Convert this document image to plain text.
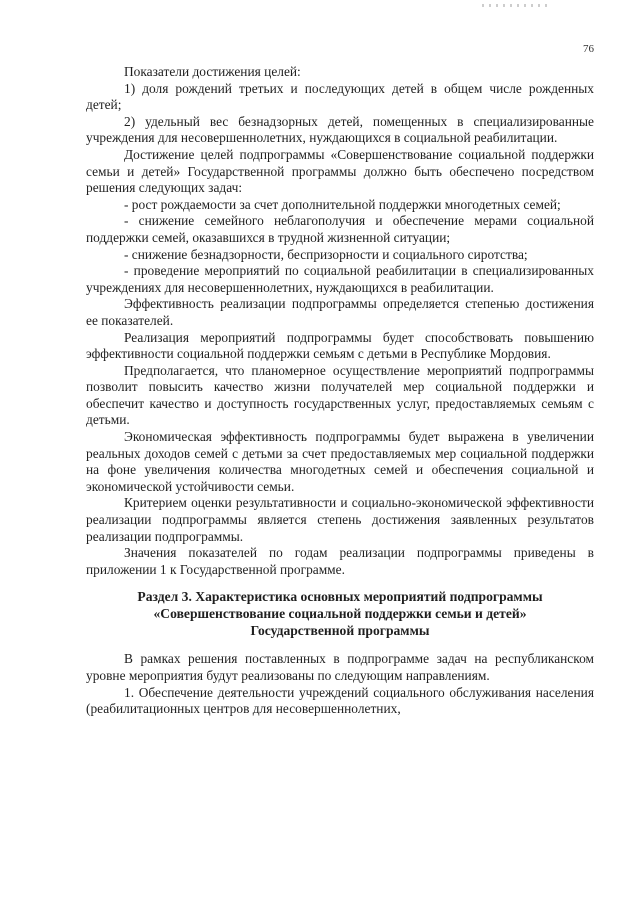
76

Показатели достижения целей:

1) доля рождений третьих и последующих детей в общем числе рожденных детей;

2) удельный вес безнадзорных детей, помещенных в специализированные учреждения для несовершеннолетних, нуждающихся в социальной реабилитации.

Достижение целей подпрограммы «Совершенствование социальной поддержки семьи и детей» Государственной программы должно быть обеспечено посредством решения следующих задач:

- рост рождаемости за счет дополнительной поддержки многодетных семей;

- снижение семейного неблагополучия и обеспечение мерами социальной поддержки семей, оказавшихся в трудной жизненной ситуации;

- снижение безнадзорности, беспризорности и социального сиротства;

- проведение мероприятий по социальной реабилитации в специализированных учреждениях для несовершеннолетних, нуждающихся в реабилитации.

Эффективность реализации подпрограммы определяется степенью достижения ее показателей.

Реализация мероприятий подпрограммы будет способствовать повышению эффективности социальной поддержки семьям с детьми в Республике Мордовия.

Предполагается, что планомерное осуществление мероприятий подпрограммы позволит повысить качество жизни получателей мер социальной поддержки и обеспечит качество и доступность государственных услуг, предоставляемых семьям с детьми.

Экономическая эффективность подпрограммы будет выражена в увеличении реальных доходов семей с детьми за счет предоставляемых мер социальной поддержки на фоне увеличения количества многодетных семей и обеспечения социальной и экономической устойчивости семьи.

Критерием оценки результативности и социально-экономической эффективности реализации подпрограммы является степень достижения заявленных результатов реализации подпрограммы.

Значения показателей по годам реализации подпрограммы приведены в приложении 1 к Государственной программе.

Раздел 3. Характеристика основных мероприятий подпрограммы
«Совершенствование социальной поддержки семьи и детей»
Государственной программы

В рамках решения поставленных в подпрограмме задач на республиканском уровне мероприятия будут реализованы по следующим направлениям.

1. Обеспечение деятельности учреждений социального обслуживания населения (реабилитационных центров для несовершеннолетних,
